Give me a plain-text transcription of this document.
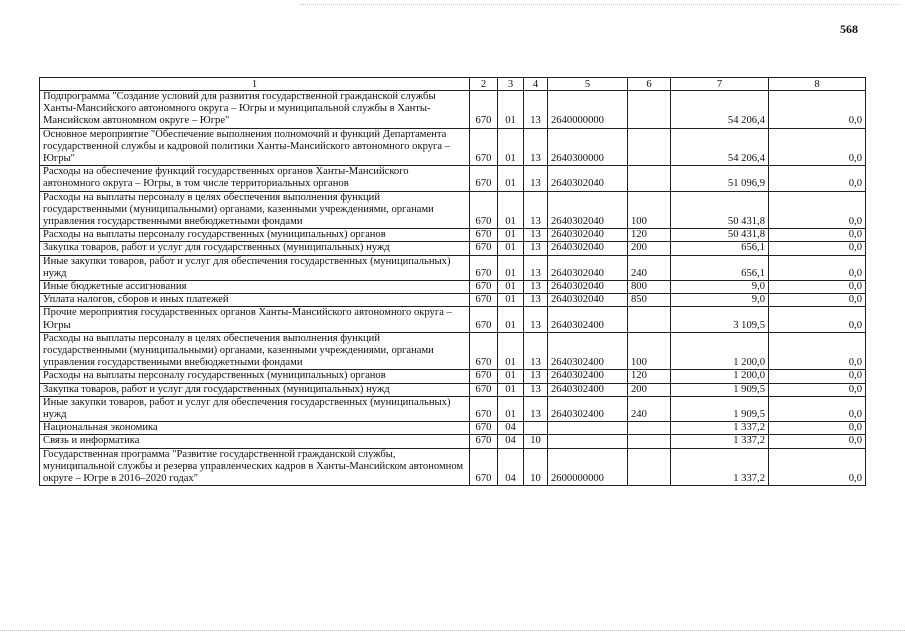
568
1	2	3	4	5	6	7	8
Подпрограмма "Создание условий для развития государственной гражданской службы Ханты-Мансийского автономного округа – Югры и муниципальной службы в Ханты-Мансийском автономном округе – Югре"	670	01	13	2640000000		54 206,4	0,0
Основное мероприятие "Обеспечение выполнения полномочий и функций Департамента государственной службы и кадровой политики Ханты-Мансийского автономного округа – Югры"	670	01	13	2640300000		54 206,4	0,0
Расходы на обеспечение функций государственных органов Ханты-Мансийского автономного округа – Югры, в том числе территориальных органов	670	01	13	2640302040		51 096,9	0,0
Расходы на выплаты персоналу в целях обеспечения выполнения функций государственными (муниципальными) органами, казенными учреждениями, органами управления государственными внебюджетными фондами	670	01	13	2640302040	100	50 431,8	0,0
Расходы на выплаты персоналу государственных (муниципальных) органов	670	01	13	2640302040	120	50 431,8	0,0
Закупка товаров, работ и услуг для государственных (муниципальных) нужд	670	01	13	2640302040	200	656,1	0,0
Иные закупки товаров, работ и услуг для обеспечения государственных (муниципальных) нужд	670	01	13	2640302040	240	656,1	0,0
Иные бюджетные ассигнования	670	01	13	2640302040	800	9,0	0,0
Уплата налогов, сборов и иных платежей	670	01	13	2640302040	850	9,0	0,0
Прочие мероприятия государственных органов Ханты-Мансийского автономного округа – Югры	670	01	13	2640302400		3 109,5	0,0
Расходы на выплаты персоналу в целях обеспечения выполнения функций государственными (муниципальными) органами, казенными учреждениями, органами управления государственными внебюджетными фондами	670	01	13	2640302400	100	1 200,0	0,0
Расходы на выплаты персоналу государственных (муниципальных) органов	670	01	13	2640302400	120	1 200,0	0,0
Закупка товаров, работ и услуг для государственных (муниципальных) нужд	670	01	13	2640302400	200	1 909,5	0,0
Иные закупки товаров, работ и услуг для обеспечения государственных (муниципальных) нужд	670	01	13	2640302400	240	1 909,5	0,0
Национальная экономика	670	04				1 337,2	0,0
Связь и информатика	670	04	10			1 337,2	0,0
Государственная программа "Развитие государственной гражданской службы, муниципальной службы и резерва управленческих кадров в Ханты-Мансийском автономном округе – Югре в 2016–2020 годах"	670	04	10	2600000000		1 337,2	0,0
